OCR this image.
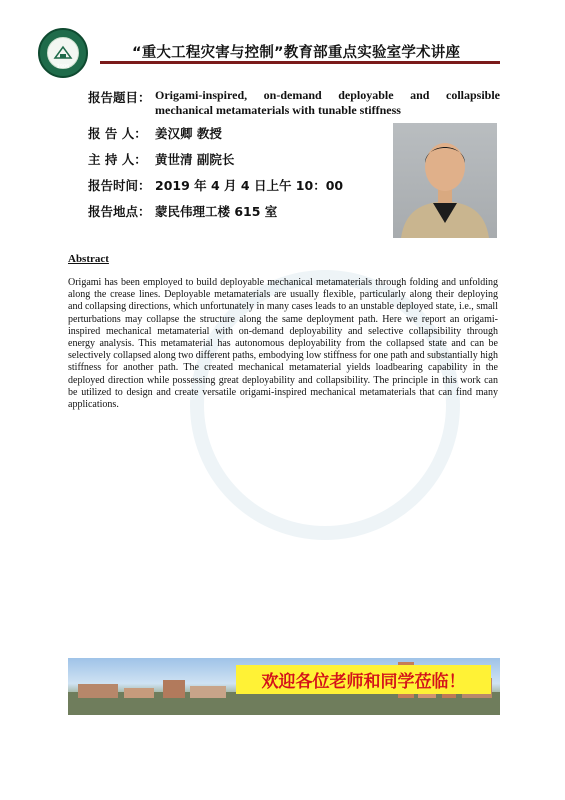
1906
“重大工程灾害与控制”教育部重点实验室学术讲座
报告题目： Origami-inspired, on-demand deployable and collapsible mechanical metamaterials with tunable stiffness
报 告 人： 姜汉卿 教授
主 持 人： 黄世清 副院长
报告时间： 2019 年 4 月 4 日上午 10：00
报告地点： 蒙民伟理工楼 615 室
Abstract
Origami has been employed to build deployable mechanical metamaterials through folding and unfolding along the crease lines. Deployable metamaterials are usually flexible, particularly along their deploying and collapsing directions, which unfortunately in many cases leads to an unstable deployed state, i.e., small perturbations may collapse the structure along the same deployment path. Here we report an origami-inspired mechanical metamaterial with on-demand deployability and selective collapsibility through energy analysis. This metamaterial has autonomous deployability from the collapsed state and can be selectively collapsed along two different paths, embodying low stiffness for one path and substantially high stiffness for another path. The created mechanical metamaterial yields loadbearing capability in the deployed direction while possessing great deployability and collapsibility. The principle in this work can be utilized to design and create versatile origami-inspired mechanical metamaterials that can find many applications.
欢迎各位老师和同学莅临！
